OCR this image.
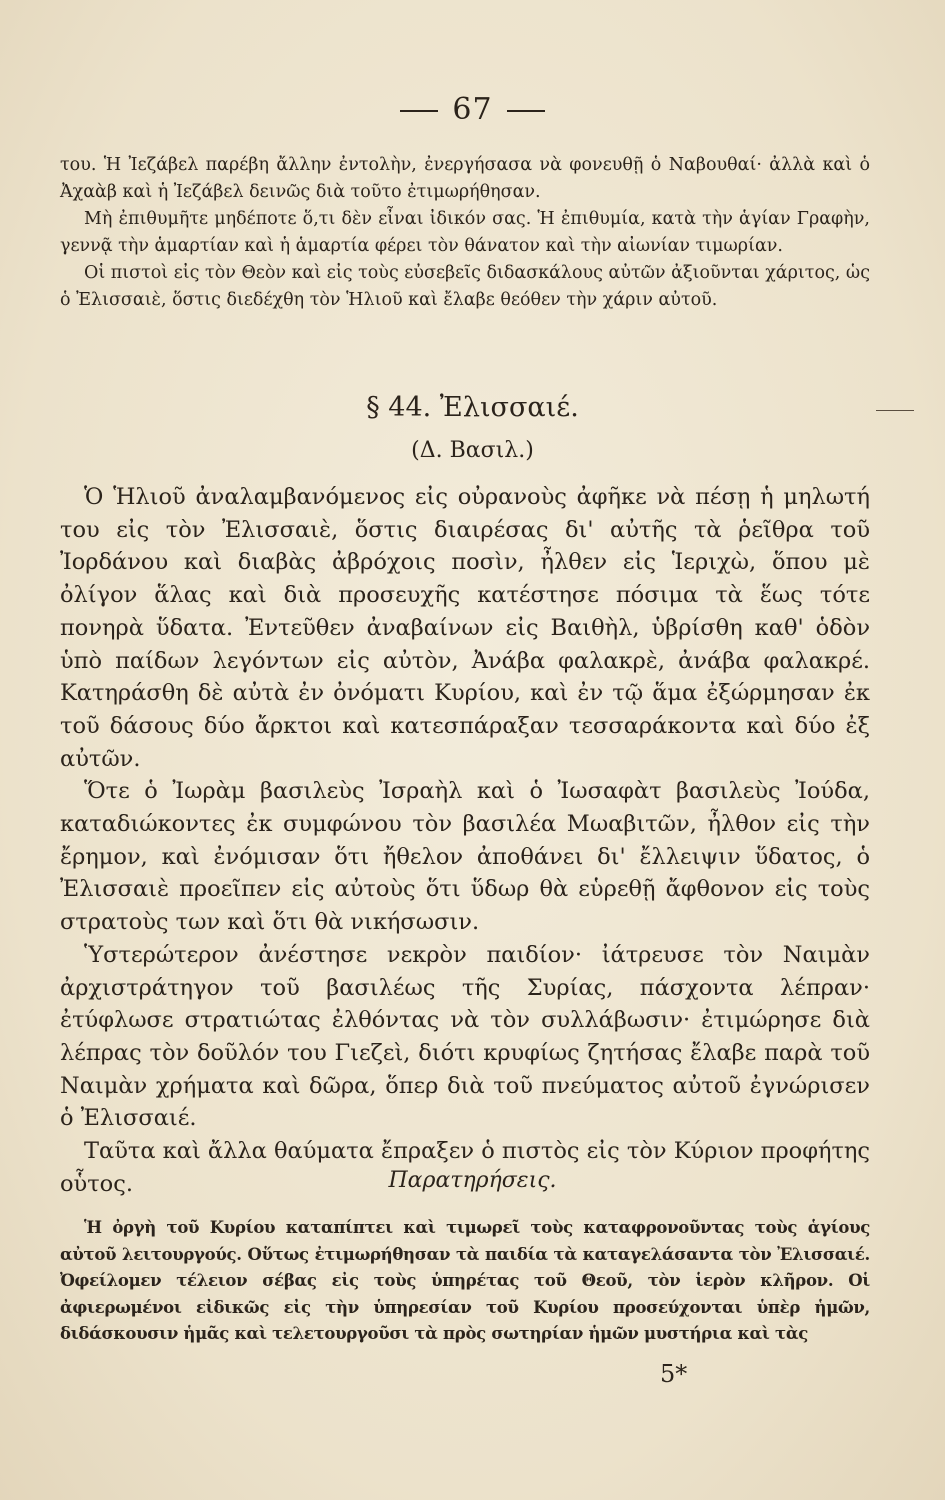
67

του. Ἡ Ἰεζάβελ παρέβη ἄλλην ἐντολὴν, ἐνεργήσασα νὰ φονευθῇ ὁ Ναβουθαί· ἀλλὰ καὶ ὁ Ἀχαὰβ καὶ ἡ Ἰεζάβελ δεινῶς διὰ τοῦτο ἐτιμωρήθησαν.

Μὴ ἐπιθυμῆτε μηδέποτε ὅ,τι δὲν εἶναι ἰδικόν σας. Ἡ ἐπιθυμία, κατὰ τὴν ἁγίαν Γραφὴν, γεννᾷ τὴν ἁμαρτίαν καὶ ἡ ἁμαρτία φέρει τὸν θάνατον καὶ τὴν αἰωνίαν τιμωρίαν.

Οἱ πιστοὶ εἰς τὸν Θεὸν καὶ εἰς τοὺς εὐσεβεῖς διδασκάλους αὐτῶν ἀξιοῦνται χάριτος, ὡς ὁ Ἐλισσαιὲ, ὅστις διεδέχθη τὸν Ἡλιοῦ καὶ ἔλαβε θεόθεν τὴν χάριν αὐτοῦ.

§ 44. Ἐλισσαιέ.
(Δ. Βασιλ.)

Ὁ Ἡλιοῦ ἀναλαμβανόμενος εἰς οὐρανοὺς ἀφῆκε νὰ πέσῃ ἡ μηλωτή του εἰς τὸν Ἐλισσαιὲ, ὅστις διαιρέσας δι' αὐτῆς τὰ ῥεῖθρα τοῦ Ἰορδάνου καὶ διαβὰς ἀβρόχοις ποσὶν, ἦλθεν εἰς Ἱεριχὼ, ὅπου μὲ ὀλίγον ἅλας καὶ διὰ προσευχῆς κατέστησε πόσιμα τὰ ἕως τότε πονηρὰ ὕδατα. Ἐντεῦθεν ἀναβαίνων εἰς Βαιθὴλ, ὑβρίσθη καθ' ὁδὸν ὑπὸ παίδων λεγόντων εἰς αὐτὸν, Ἀνάβα φαλακρὲ, ἀνάβα φαλακρέ. Κατηράσθη δὲ αὐτὰ ἐν ὀνόματι Κυρίου, καὶ ἐν τῷ ἅμα ἐξώρμησαν ἐκ τοῦ δάσους δύο ἄρκτοι καὶ κατεσπάραξαν τεσσαράκοντα καὶ δύο ἐξ αὐτῶν.

Ὅτε ὁ Ἰωρὰμ βασιλεὺς Ἰσραὴλ καὶ ὁ Ἰωσαφὰτ βασιλεὺς Ἰούδα, καταδιώκοντες ἐκ συμφώνου τὸν βασιλέα Μωαβιτῶν, ἦλθον εἰς τὴν ἔρημον, καὶ ἐνόμισαν ὅτι ἤθελον ἀποθάνει δι' ἔλλειψιν ὕδατος, ὁ Ἐλισσαιὲ προεῖπεν εἰς αὐτοὺς ὅτι ὕδωρ θὰ εὑρεθῇ ἄφθονον εἰς τοὺς στρατοὺς των καὶ ὅτι θὰ νικήσωσιν.

Ὑστερώτερον ἀνέστησε νεκρὸν παιδίον· ἰάτρευσε τὸν Ναιμὰν ἀρχιστράτηγον τοῦ βασιλέως τῆς Συρίας, πάσχοντα λέπραν· ἐτύφλωσε στρατιώτας ἐλθόντας νὰ τὸν συλλάβωσιν· ἐτιμώρησε διὰ λέπρας τὸν δοῦλόν του Γιεζεὶ, διότι κρυφίως ζητήσας ἔλαβε παρὰ τοῦ Ναιμὰν χρήματα καὶ δῶρα, ὅπερ διὰ τοῦ πνεύματος αὐτοῦ ἐγνώρισεν ὁ Ἐλισσαιέ.

Ταῦτα καὶ ἄλλα θαύματα ἔπραξεν ὁ πιστὸς εἰς τὸν Κύριον προφήτης οὗτος.	Παρατηρήσεις.

Ἡ ὀργὴ τοῦ Κυρίου καταπίπτει καὶ τιμωρεῖ τοὺς καταφρονοῦντας τοὺς ἁγίους αὐτοῦ λειτουργούς. Οὕτως ἐτιμωρήθησαν τὰ παιδία τὰ καταγελάσαντα τὸν Ἐλισσαιέ. Ὀφείλομεν τέλειον σέβας εἰς τοὺς ὑπηρέτας τοῦ Θεοῦ, τὸν ἱερὸν κλῆρον. Οἱ ἀφιερωμένοι εἰδικῶς εἰς τὴν ὑπηρεσίαν τοῦ Κυρίου προσεύχονται ὑπὲρ ἡμῶν, διδάσκουσιν ἡμᾶς καὶ τελετουργοῦσι τὰ πρὸς σωτηρίαν ἡμῶν μυστήρια καὶ τὰς

5*
